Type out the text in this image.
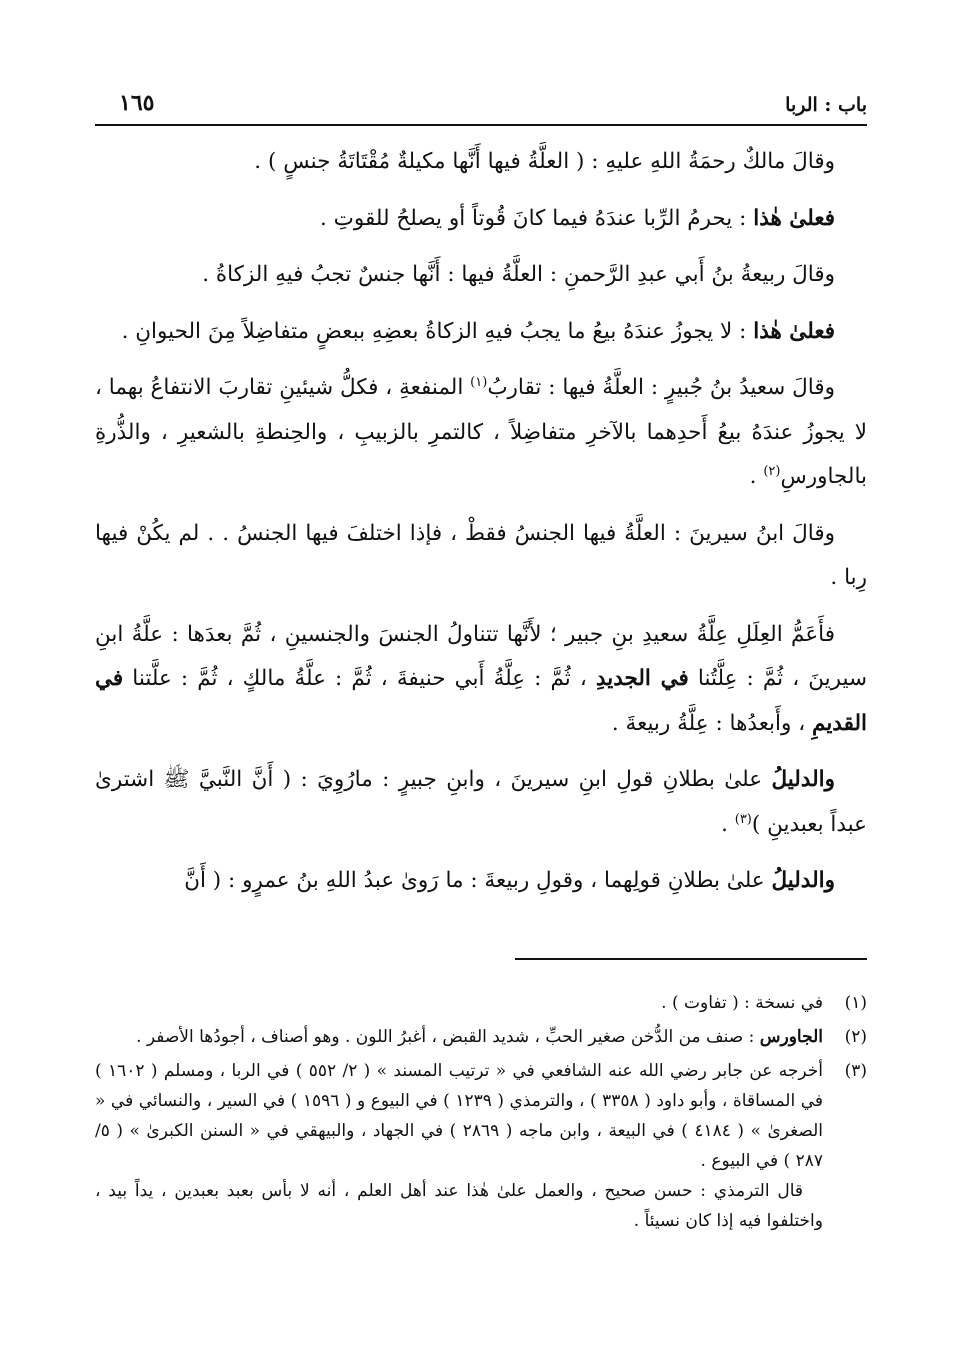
باب : الربا
١٦٥

وقالَ مالكٌ رحمَةُ اللهِ عليهِ : ( العلَّةُ فيها أَنَّها مكيلةٌ مُقْتَاتَةُ جنسٍ ) .

فعلىٰ هٰذا : يحرمُ الرِّبا عندَهُ فيما كانَ قُوتاً أو يصلحُ للقوتِ .

وقالَ ربيعةُ بنُ أَبي عبدِ الرَّحمنِ : العلَّةُ فيها : أَنَّها جنسٌ تجبُ فيهِ الزكاةُ .

فعلىٰ هٰذا : لا يجوزُ عندَهُ بيعُ ما يجبُ فيهِ الزكاةُ بعضِهِ ببعضٍ متفاضِلاً مِنَ الحيوانِ .

وقالَ سعيدُ بنُ جُبيرٍ : العلَّةُ فيها : تقاربُ$^{(١)}$ المنفعةِ ، فكلُّ شيئينِ تقاربَ الانتفاعُ بهما ، لا يجوزُ عندَهُ بيعُ أَحدِهما بالآخرِ متفاضِلاً ، كالتمرِ بالزبيبِ ، والحِنطةِ بالشعيرِ ، والذُّرةِ بالجاورسِ$^{(٢)}$ .

وقالَ ابنُ سيرينَ : العلَّةُ فيها الجنسُ فقطْ ، فإذا اختلفَ فيها الجنسُ . . لم يكُنْ فيها رِبا .

فأَعَمُّ العِلَلِ عِلَّةُ سعيدِ بنِ جبير ؛ لأَنَّها تتناولُ الجنسَ والجنسينِ ، ثُمَّ بعدَها : علَّةُ ابنِ سيرينَ ، ثُمَّ : عِلَّتُنا في الجديدِ ، ثُمَّ : عِلَّةُ أَبي حنيفةَ ، ثُمَّ : علَّةُ مالكٍ ، ثُمَّ : علَّتنا في القديمِ ، وأَبعدُها : عِلَّةُ ربيعةَ .

والدليلُ علىٰ بطلانِ قولِ ابنِ سيرينَ ، وابنِ جبيرٍ : مارُوِيَ : ( أَنَّ النَّبيَّ ﷺ اشترىٰ عبداً بعبدينِ )$^{(٣)}$ .

والدليلُ علىٰ بطلانِ قولِهما ، وقولِ ربيعةَ : ما رَوىٰ عبدُ اللهِ بنُ عمرٍو : ( أَنَّ

(١)
في نسخة : ( تفاوت ) .
(٢)
الجاورس : صنف من الدُّخن صغير الحبِّ ، شديد القبض ، أغبرُ اللون . وهو أصناف ، أجودُها الأصفر .
(٣)
أخرجه عن جابر رضي الله عنه الشافعي في « ترتيب المسند » ( ٢/ ٥٥٢ ) في الربا ، ومسلم ( ١٦٠٢ ) في المساقاة ، وأبو داود ( ٣٣٥٨ ) ، والترمذي ( ١٢٣٩ ) في البيوع و ( ١٥٩٦ ) في السير ، والنسائي في « الصغرىٰ » ( ٤١٨٤ ) في البيعة ، وابن ماجه ( ٢٨٦٩ ) في الجهاد ، والبيهقي في « السنن الكبرىٰ » ( ٥/ ٢٨٧ ) في البيوع .
قال الترمذي : حسن صحيح ، والعمل علىٰ هٰذا عند أهل العلم ، أنه لا بأس بعبد بعبدين ، يداً بيد ، واختلفوا فيه إذا كان نسيئاً .
